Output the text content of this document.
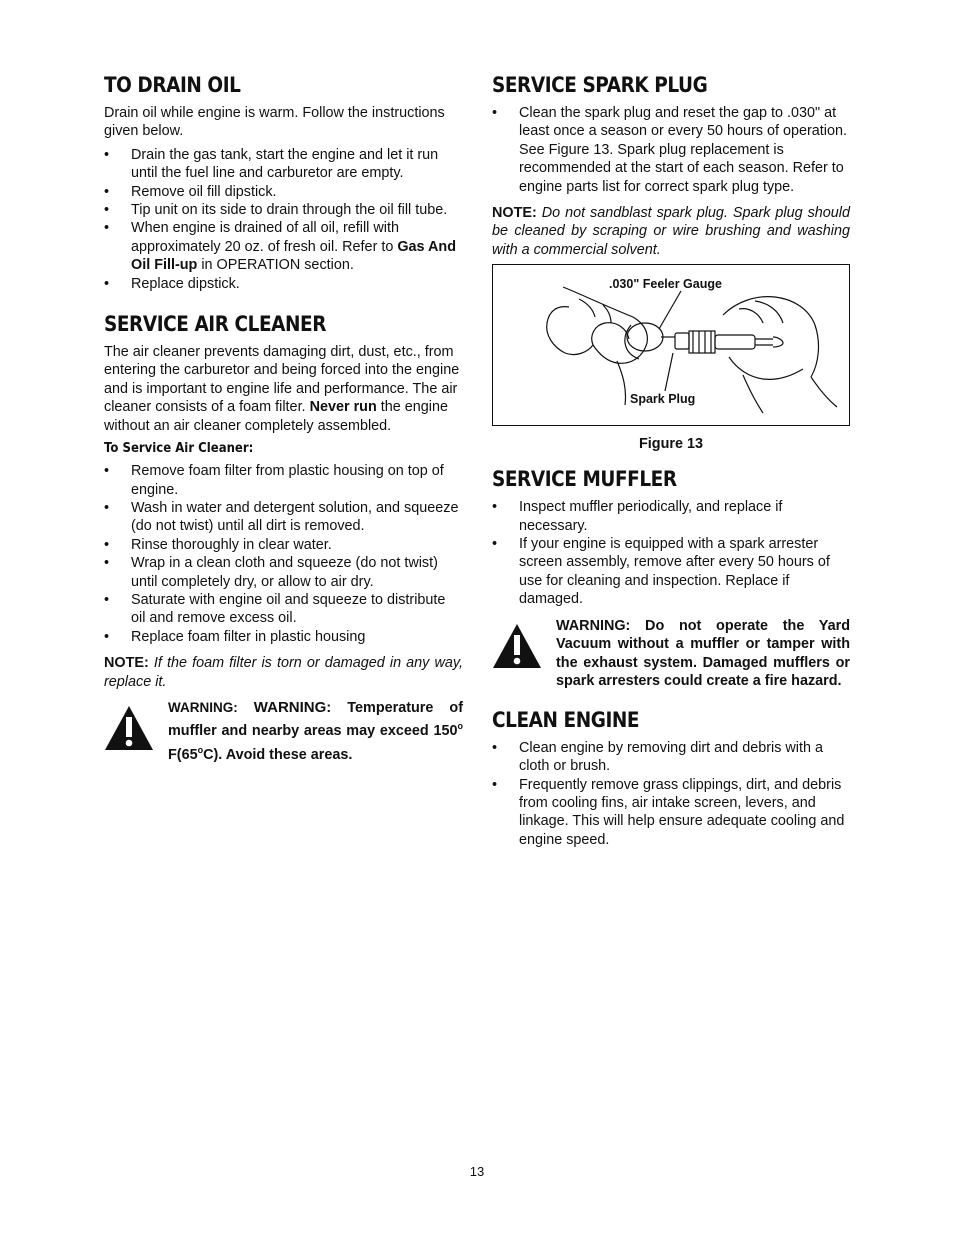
TO DRAIN OIL

Drain oil while engine is warm. Follow the instructions given below.

• Drain the gas tank, start the engine and let it run until the fuel line and carburetor are empty.
• Remove oil fill dipstick.
• Tip unit on its side to drain through the oil fill tube.
• When engine is drained of all oil, refill with approximately 20 oz. of fresh oil. Refer to Gas And Oil Fill-up in OPERATION section.
• Replace dipstick.
SERVICE AIR CLEANER

The air cleaner prevents damaging dirt, dust, etc., from entering the carburetor and being forced into the engine and is important to engine life and performance. The air cleaner consists of a foam filter. Never run the engine without an air cleaner completely assembled.

To Service Air Cleaner:
• Remove foam filter from plastic housing on top of engine.
• Wash in water and detergent solution, and squeeze (do not twist) until all dirt is removed.
• Rinse thoroughly in clear water.
• Wrap in a clean cloth and squeeze (do not twist) until completely dry, or allow to air dry.
• Saturate with engine oil and squeeze to distribute oil and remove excess oil.
• Replace foam filter in plastic housing

NOTE: If the foam filter is torn or damaged in any way, replace it.

WARNING: WARNING: Temperature of muffler and nearby areas may exceed 150$^o$ F(65$^o$C). Avoid these areas.
SERVICE SPARK PLUG
• Clean the spark plug and reset the gap to .030" at least once a season or every 50 hours of operation. See Figure 13. Spark plug replacement is recommended at the start of each season. Refer to engine parts list for correct spark plug type.

NOTE: Do not sandblast spark plug. Spark plug should be cleaned by scraping or wire brushing and washing with a commercial solvent.

.030" Feeler Gauge
Spark Plug
Figure 13
SERVICE MUFFLER
• Inspect muffler periodically, and replace if necessary.
• If your engine is equipped with a spark arrester screen assembly, remove after every 50 hours of use for cleaning and inspection. Replace if damaged.
WARNING: Do not operate the Yard Vacuum without a muffler or tamper with the exhaust system. Damaged mufflers or spark arresters could create a fire hazard.
CLEAN ENGINE
• Clean engine by removing dirt and debris with a cloth or brush.
• Frequently remove grass clippings, dirt, and debris from cooling fins, air intake screen, levers, and linkage. This will help ensure adequate cooling and engine speed.
13
